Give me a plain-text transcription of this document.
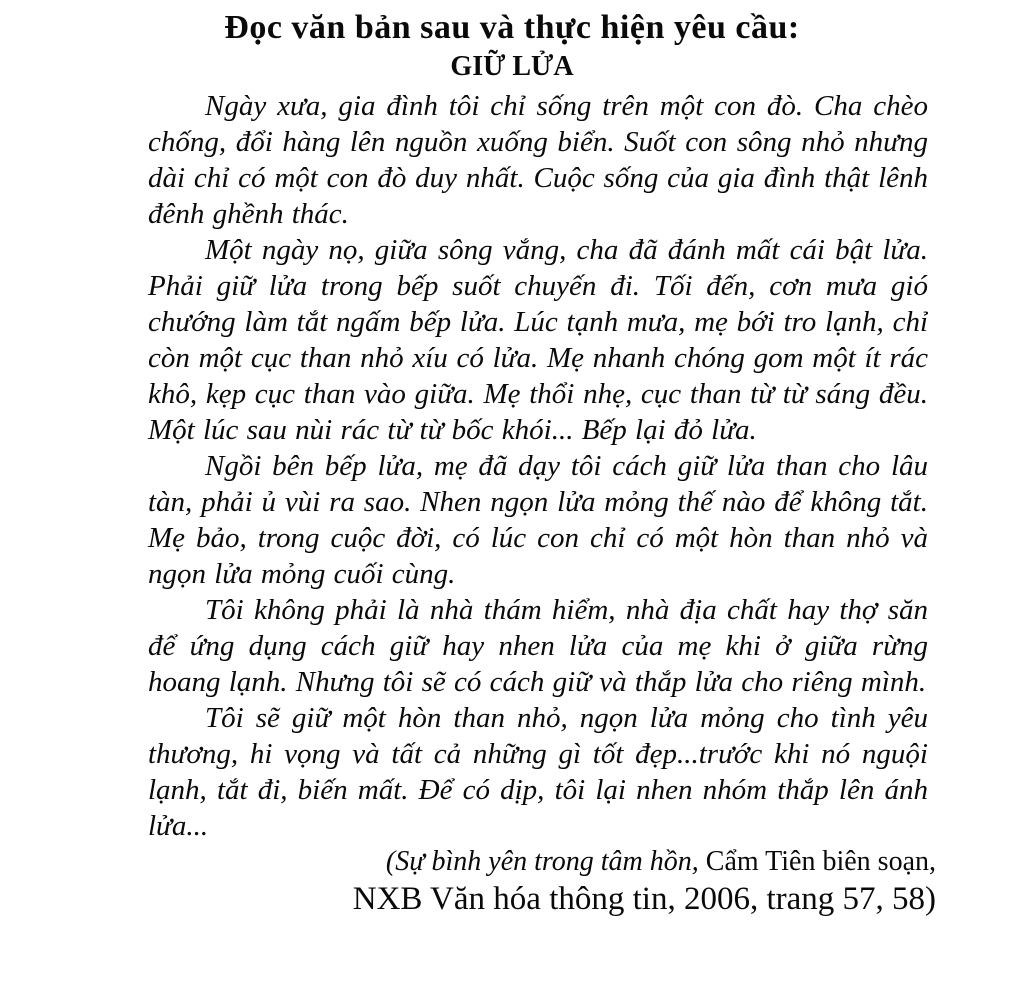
Đọc văn bản sau và thực hiện yêu cầu:
GIỮ LỬA

Ngày xưa, gia đình tôi chỉ sống trên một con đò. Cha chèo chống, đổi hàng lên nguồn xuống biển. Suốt con sông nhỏ nhưng dài chỉ có một con đò duy nhất. Cuộc sống của gia đình thật lênh đênh ghềnh thác.

Một ngày nọ, giữa sông vắng, cha đã đánh mất cái bật lửa. Phải giữ lửa trong bếp suốt chuyến đi. Tối đến, cơn mưa gió chướng làm tắt ngấm bếp lửa. Lúc tạnh mưa, mẹ bới tro lạnh, chỉ còn một cục than nhỏ xíu có lửa. Mẹ nhanh chóng gom một ít rác khô, kẹp cục than vào giữa. Mẹ thổi nhẹ, cục than từ từ sáng đều. Một lúc sau nùi rác từ từ bốc khói... Bếp lại đỏ lửa.

Ngồi bên bếp lửa, mẹ đã dạy tôi cách giữ lửa than cho lâu tàn, phải ủ vùi ra sao. Nhen ngọn lửa mỏng thế nào để không tắt. Mẹ bảo, trong cuộc đời, có lúc con chỉ có một hòn than nhỏ và ngọn lửa mỏng cuối cùng.

Tôi không phải là nhà thám hiểm, nhà địa chất hay thợ săn để ứng dụng cách giữ hay nhen lửa của mẹ khi ở giữa rừng hoang lạnh. Nhưng tôi sẽ có cách giữ và thắp lửa cho riêng mình.

Tôi sẽ giữ một hòn than nhỏ, ngọn lửa mỏng cho tình yêu thương, hi vọng và tất cả những gì tốt đẹp...trước khi nó nguội lạnh, tắt đi, biến mất. Để có dịp, tôi lại nhen nhóm thắp lên ánh lửa...

(Sự bình yên trong tâm hồn, Cẩm Tiên biên soạn,
NXB Văn hóa thông tin, 2006, trang 57, 58)
